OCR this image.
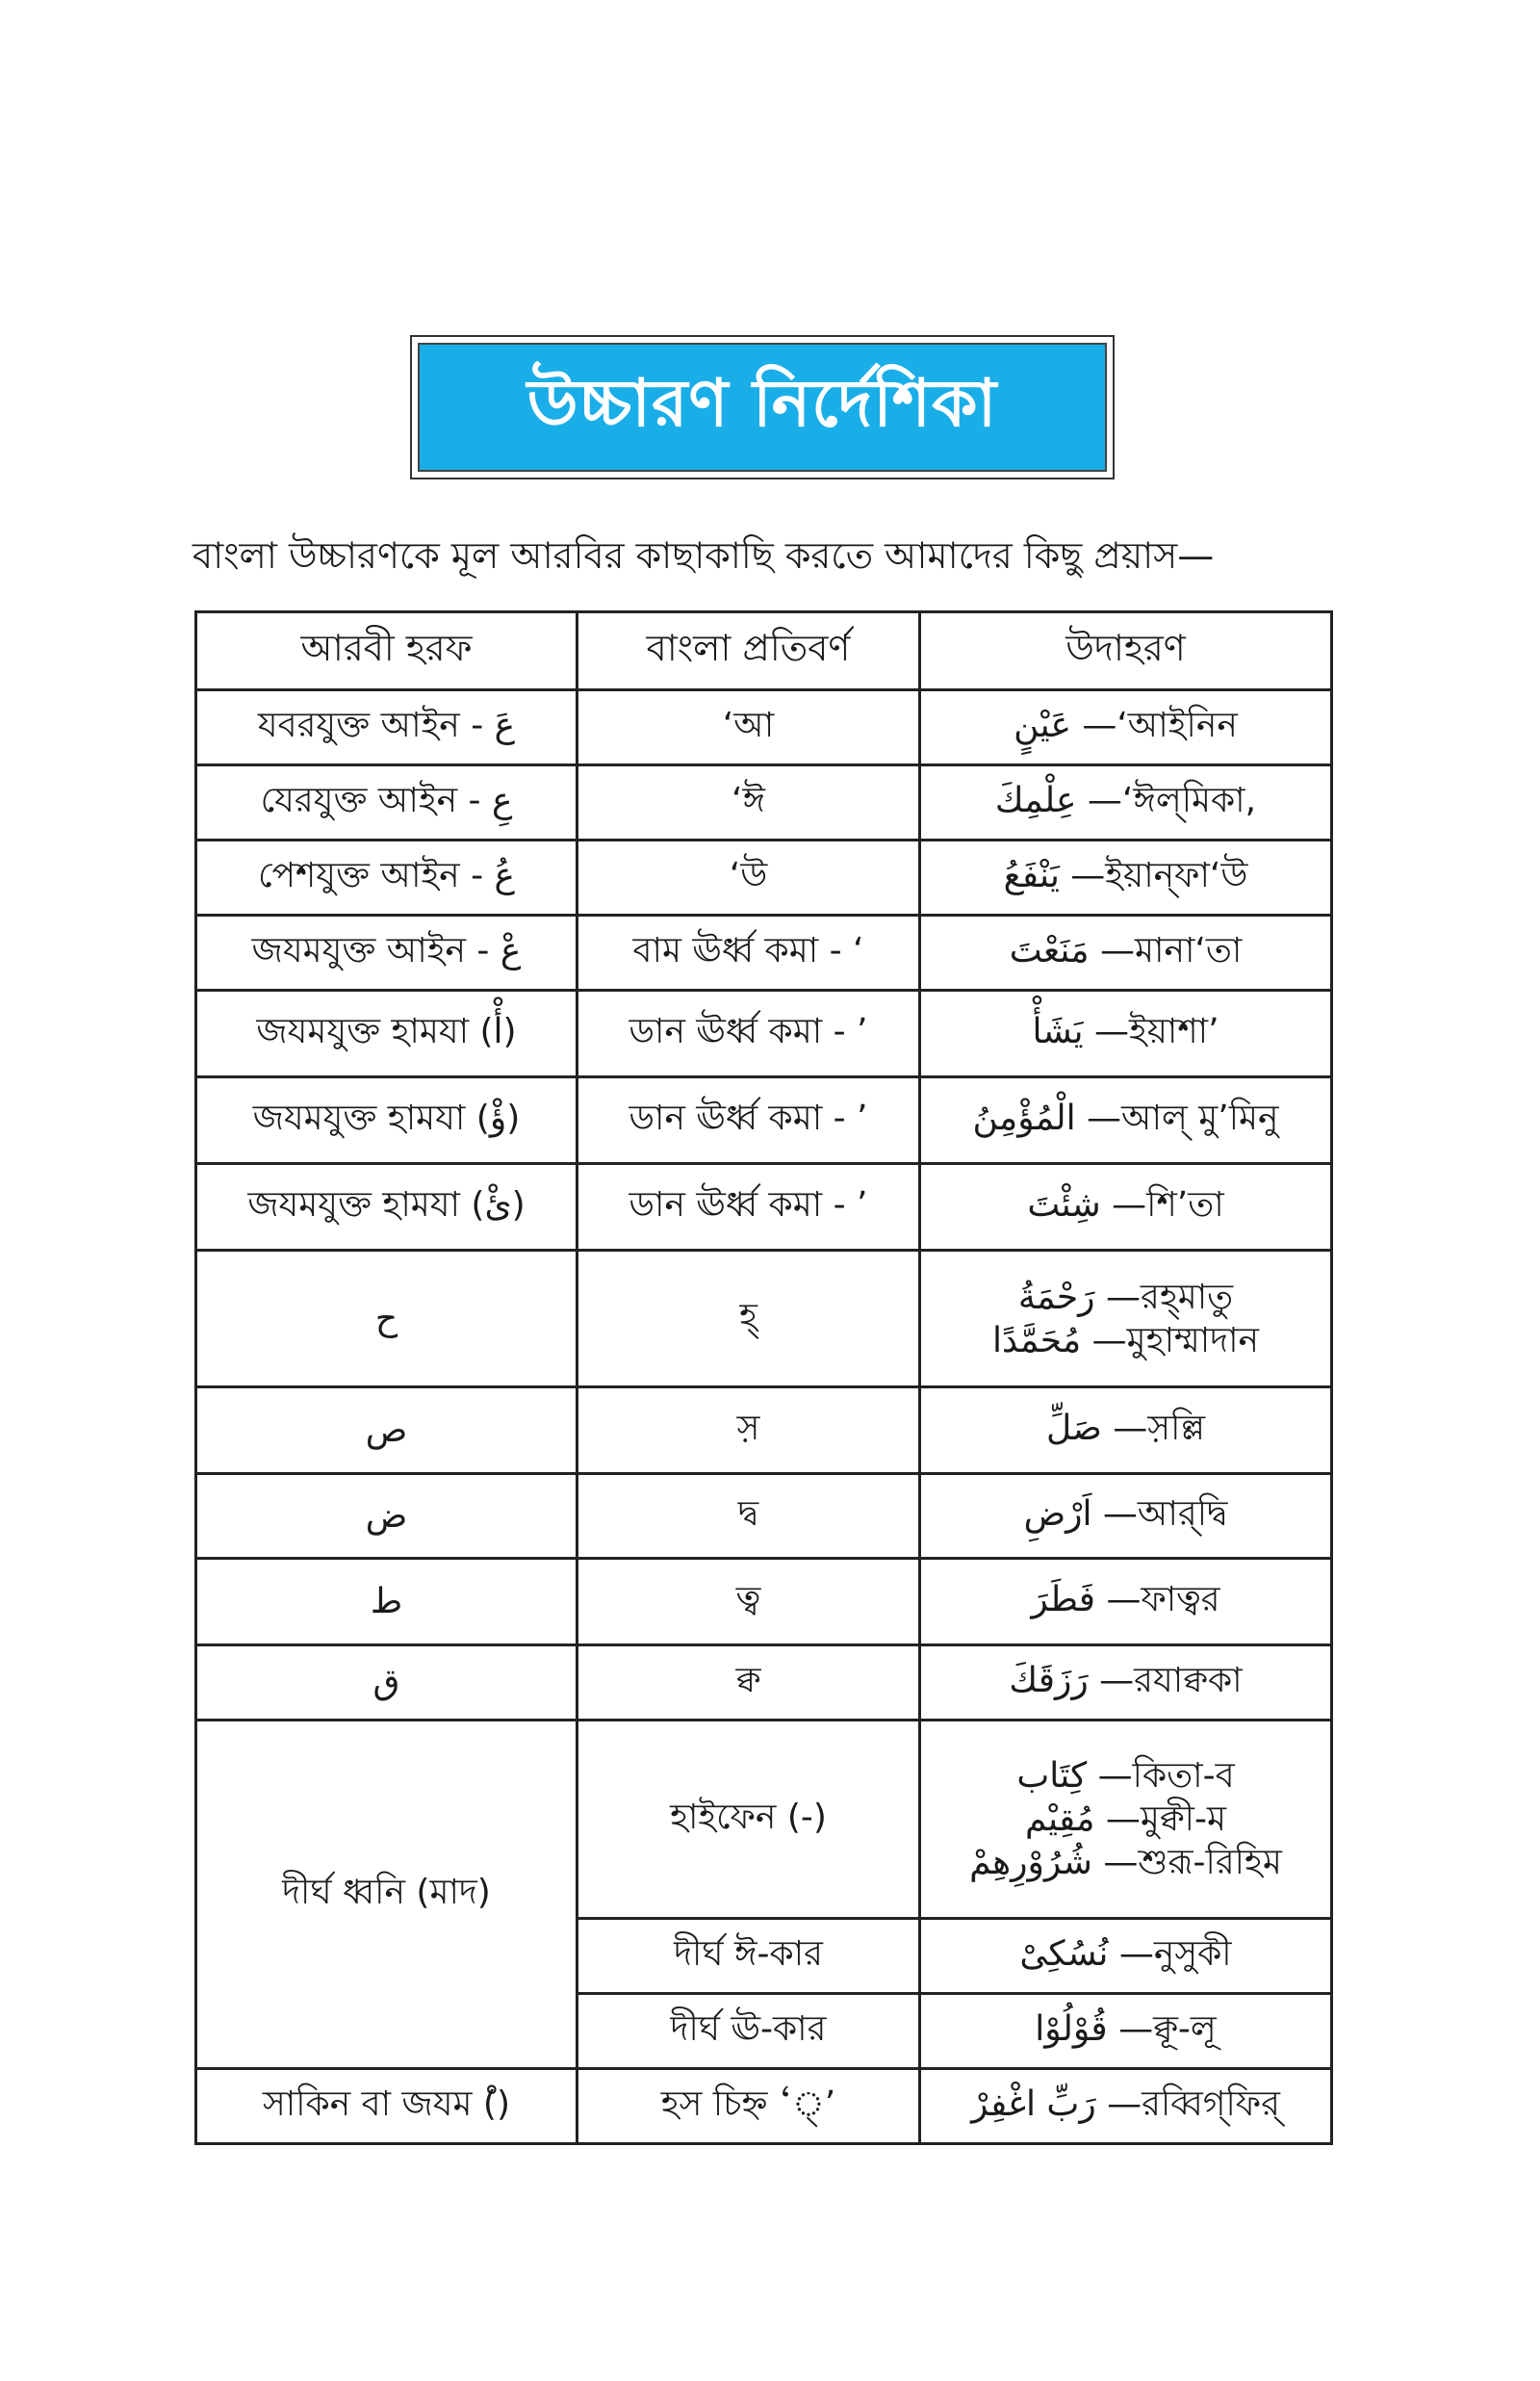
উচ্চারণ নির্দেশিকা
বাংলা উচ্চারণকে মূল আরবির কাছাকাছি করতে আমাদের কিছু প্রয়াস—
আরবী হরফ	বাংলা প্রতিবর্ণ	উদাহরণ
যবরযুক্ত আইন - عَ	‘আ	عَيْنٍ —‘আইনিন
যেরযুক্ত আইন - عِ	‘ঈ	عِلْمِكَ —‘ঈল্‌মিকা,
পেশযুক্ত আইন - عُ	‘উ	يَنْفَعُ —ইয়ান্‌ফা‘উ
জযমযুক্ত আইন - عْ	বাম ঊর্ধ্ব কমা - ‘	مَنَعْتَ —মানা‘তা
জযমযুক্ত হামযা (أْ)	ডান ঊর্ধ্ব কমা - ’	يَشَأْ —ইয়াশা’
জযমযুক্ত হামযা (ؤْ)	ডান ঊর্ধ্ব কমা - ’	الْمُؤْمِنُ —আল্‌ মু’মিনু
জযমযুক্ত হামযা (ئْ)	ডান ঊর্ধ্ব কমা - ’	شِئْتَ —শি’তা
ح	হ্‌	رَحْمَةُ —রহ্‌মাতু
مُحَمَّدًا —মুহাম্মাদান

ص	স়	صَلِّ —স়ল্লি
ض	দ্ব	اَرْضِ —আর্‌দ্বি
ط	ত্ব	فَطَرَ —ফাত্বর
ق	ক্ব	رَزَقَكَ —রযাক্বকা
দীর্ঘ ধ্বনি (মাদ)	হাইফেন (-)	كِتَاب —কিতা-ব
مُقِيْم —মুক্বী-ম
شُرُوْرِهِمْ —শুরূ-রিহিম

	দীর্ঘ ঈ-কার	نُسُكِىْ —নুসুকী
	দীর্ঘ ঊ-কার	قُوْلُوْا —ক্বূ-লূ
সাকিন বা জযম (ْ)	হস চিহ্ন ‘্’	رَبِّ اغْفِرْ —রব্বিগ্‌ফির্‌
